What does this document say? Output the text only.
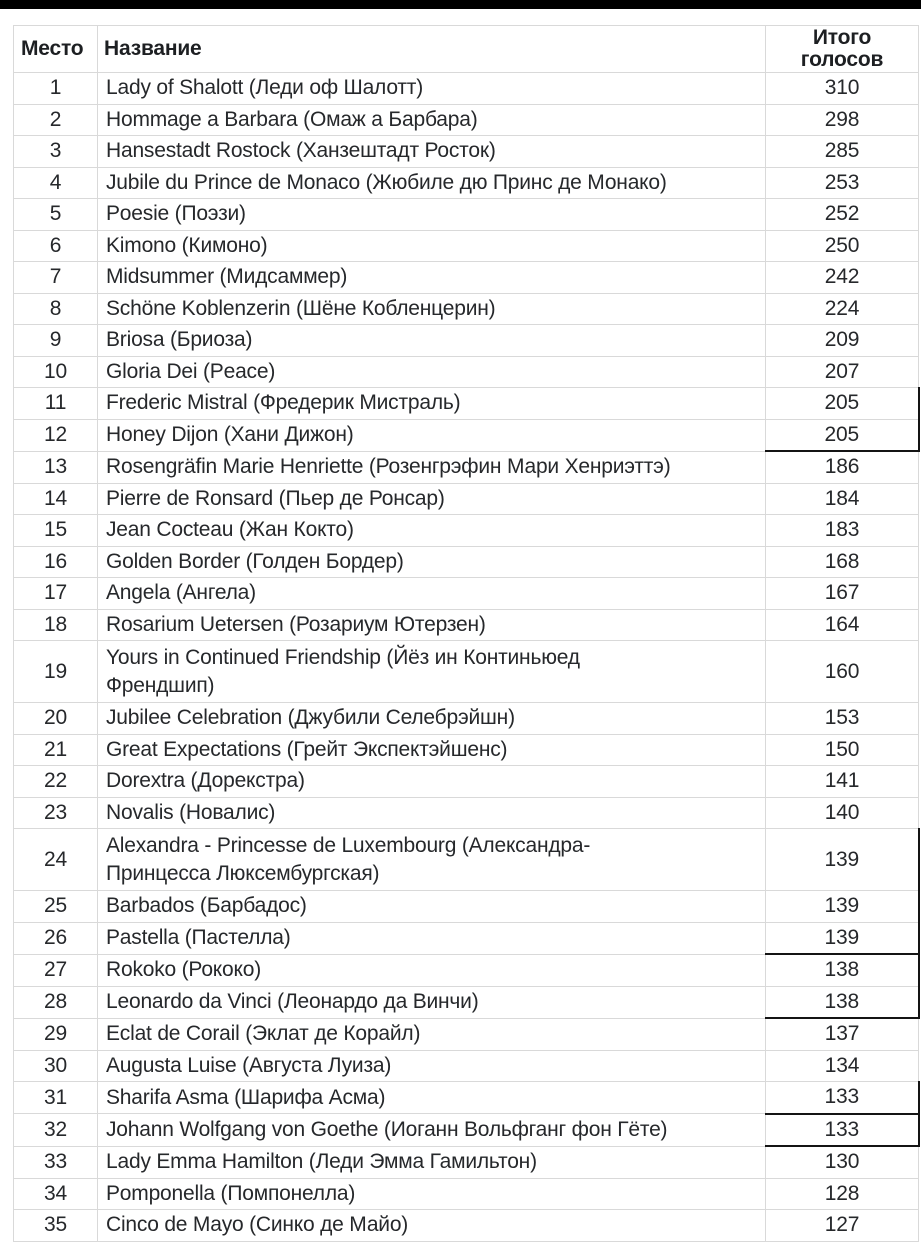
Место	Название	Итого
голосов
1	Lady of Shalott (Леди оф Шалотт)	310
2	Hommage a Barbara (Омаж а Барбара)	298
3	Hansestadt Rostock (Ханзештадт Росток)	285
4	Jubile du Prince de Monaco (Жюбиле дю Принс де Монако)	253
5	Poesie (Поэзи)	252
6	Kimono (Кимоно)	250
7	Midsummer (Мидсаммер)	242
8	Schöne Koblenzerin (Шёне Кобленцерин)	224
9	Briosa (Бриоза)	209
10	Gloria Dei (Peace)	207
11	Frederic Mistral (Фредерик Мистраль)	205
12	Honey Dijon (Хани Дижон)	205
13	Rosengräfin Marie Henriette (Розенгрэфин Мари Хенриэттэ)	186
14	Pierre de Ronsard (Пьер де Ронсар)	184
15	Jean Cocteau (Жан Кокто)	183
16	Golden Border (Голден Бордер)	168
17	Angela (Ангела)	167
18	Rosarium Uetersen (Розариум Ютерзен)	164
19	Yours in Continued Friendship (Йёз ин Континьюед
Френдшип)	160
20	Jubilee Celebration (Джубили Селебрэйшн)	153
21	Great Expectations (Грейт Экспектэйшенс)	150
22	Dorextra (Дорекстра)	141
23	Novalis (Новалис)	140
24	Alexandra - Princesse de Luxembourg (Александра-
Принцесса Люксембургская)	139
25	Barbados (Барбадос)	139
26	Pastella (Пастелла)	139
27	Rokoko (Рококо)	138
28	Leonardo da Vinci (Леонардо да Винчи)	138
29	Eclat de Corail (Эклат де Корайл)	137
30	Augusta Luise (Августа Луиза)	134
31	Sharifa Asma (Шарифа Асма)	133
32	Johann Wolfgang von Goethe (Иоганн Вольфганг фон Гёте)	133
33	Lady Emma Hamilton (Леди Эмма Гамильтон)	130
34	Pomponella (Помпонелла)	128
35	Cinco de Mayo (Синко де Майо)	127
